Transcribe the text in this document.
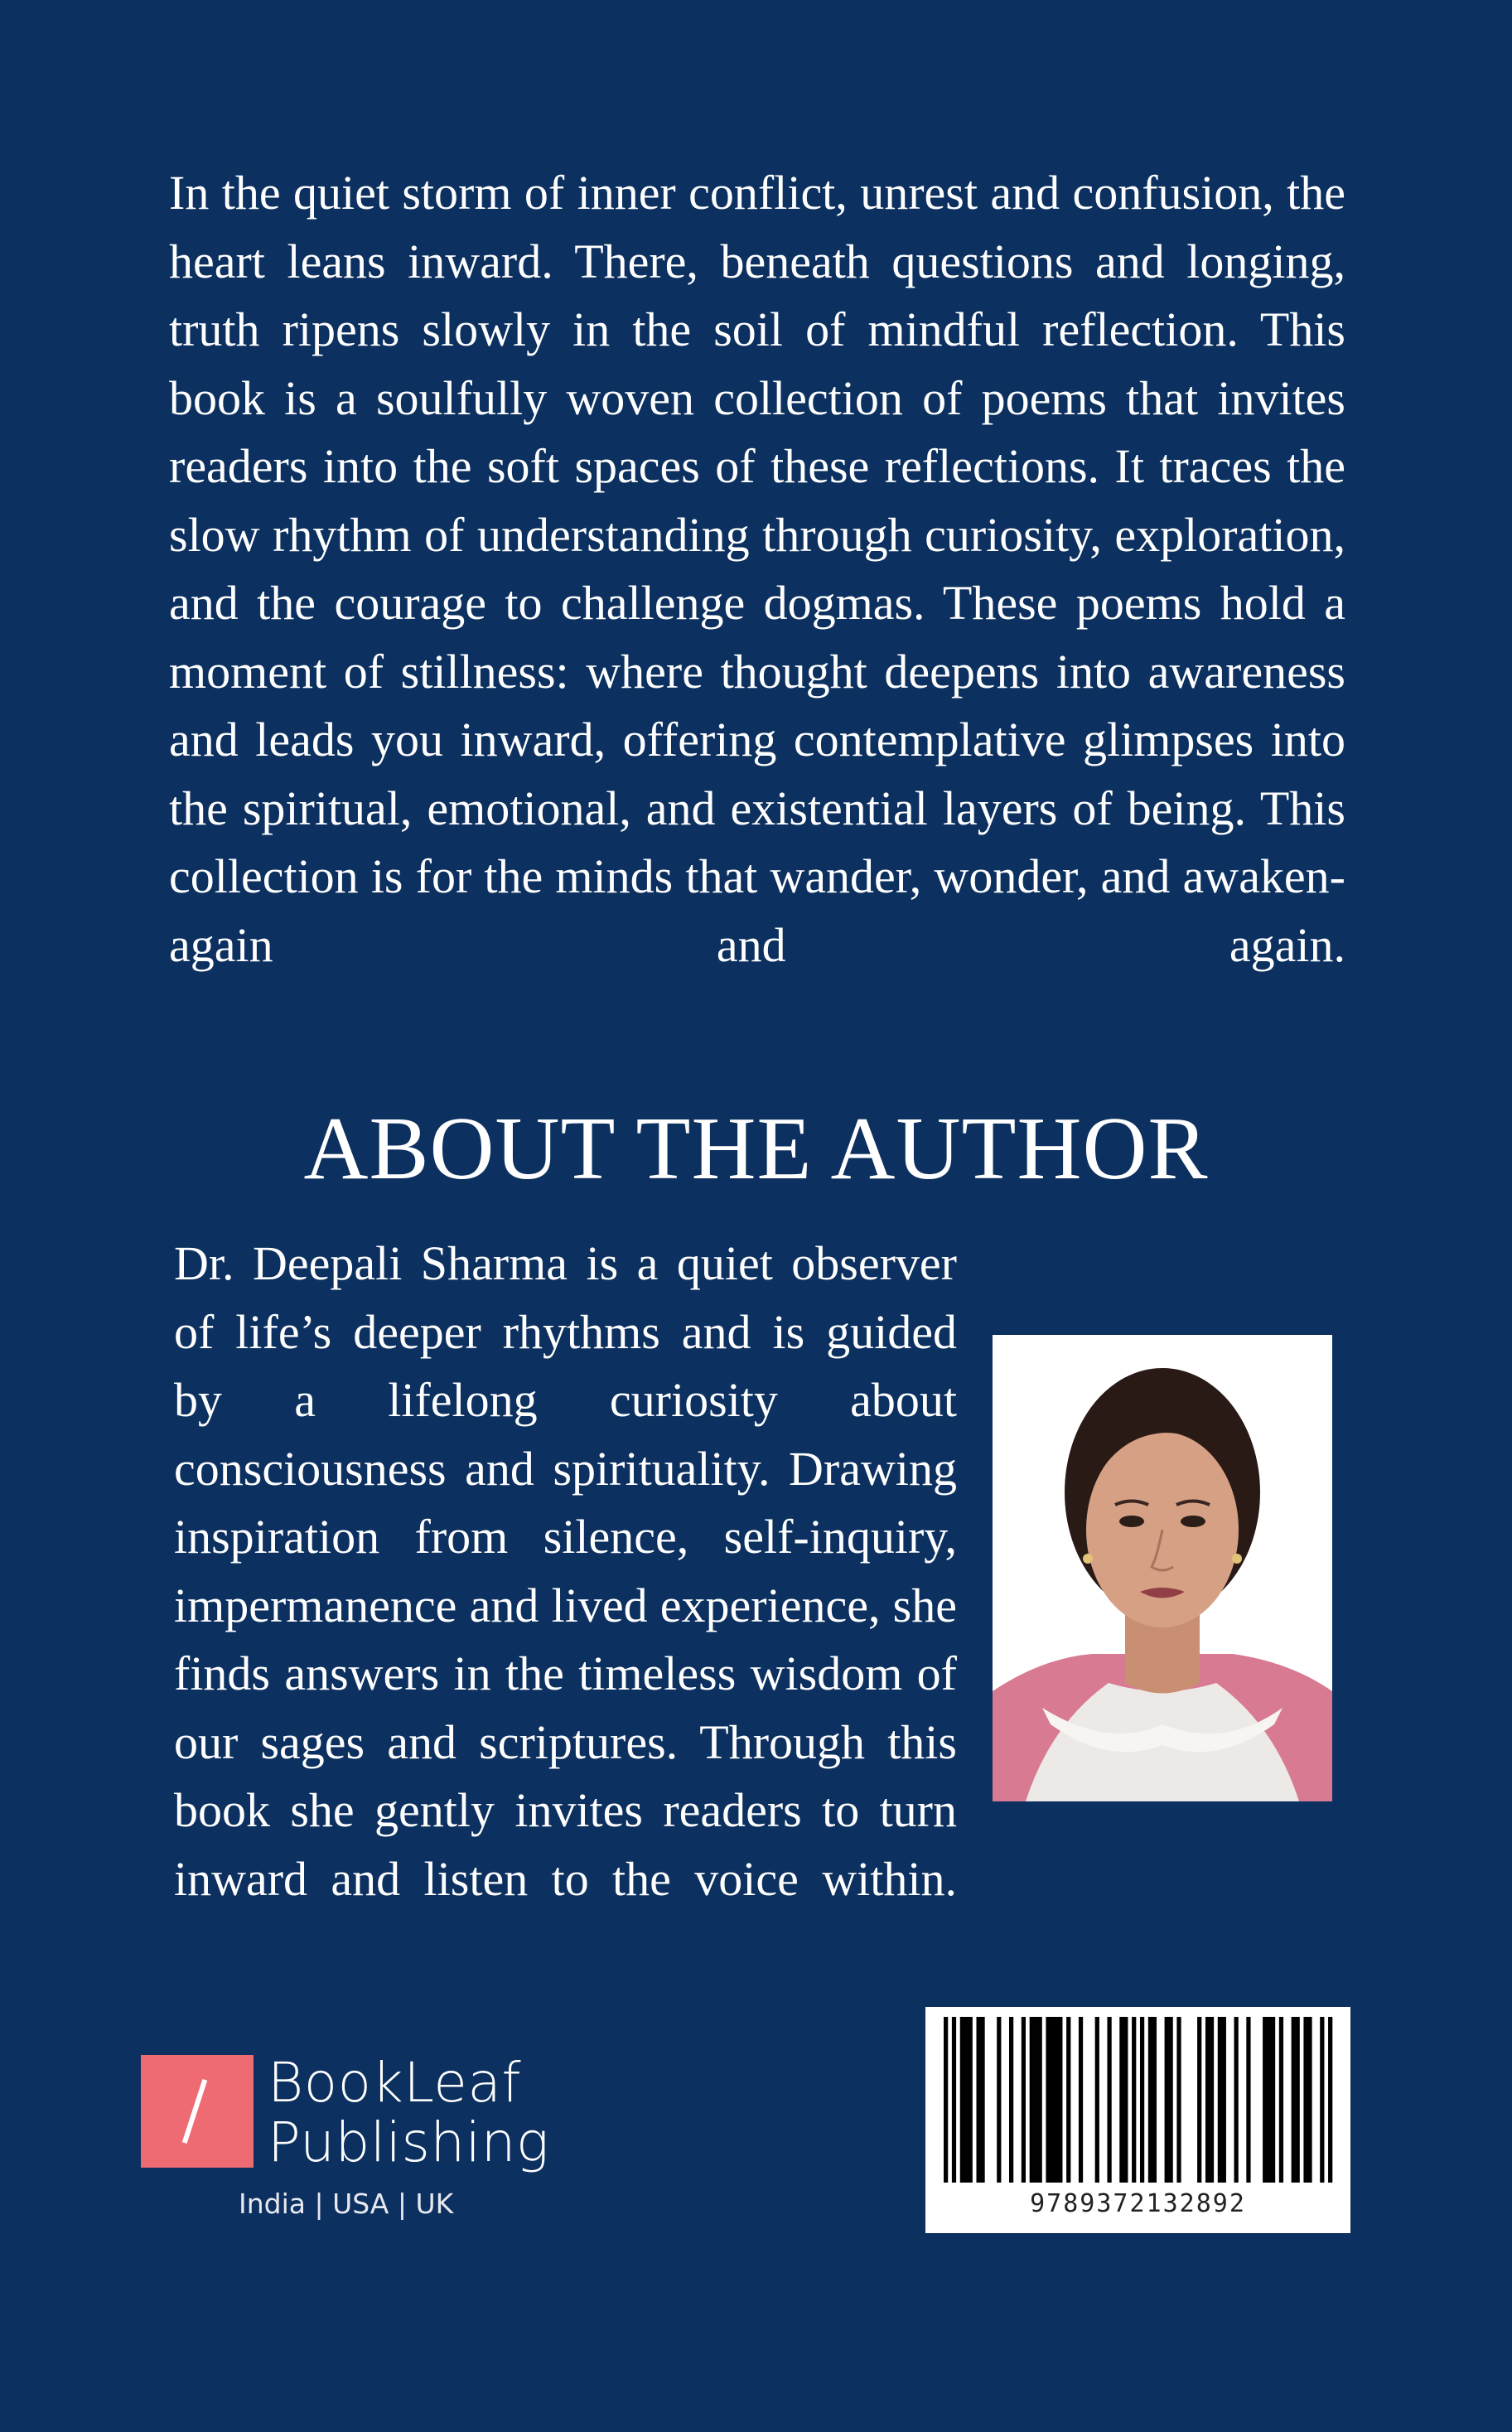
In the quiet storm of inner conflict, unrest and confusion, the heart leans inward. There, beneath questions and longing, truth ripens slowly in the soil of mindful reflection. This book is a soulfully woven collection of poems that invites readers into the soft spaces of these reflections. It traces the slow rhythm of understanding through curiosity, exploration, and the courage to challenge dogmas. These poems hold a moment of stillness: where thought deepens into awareness and leads you inward, offering contemplative glimpses into the spiritual, emotional, and existential layers of being. This collection is for the minds that wander, wonder, and awaken- again and again.

ABOUT THE AUTHOR

Dr. Deepali Sharma is a quiet observer of life’s deeper rhythms and is guided by a lifelong curiosity about consciousness and spirituality. Drawing inspiration from silence, self-inquiry, impermanence and lived experience, she finds answers in the timeless wisdom of our sages and scriptures. Through this book she gently invites readers to turn inward and listen to the voice within.

BookLeaf
Publishing
India | USA | UK	9789372132892
